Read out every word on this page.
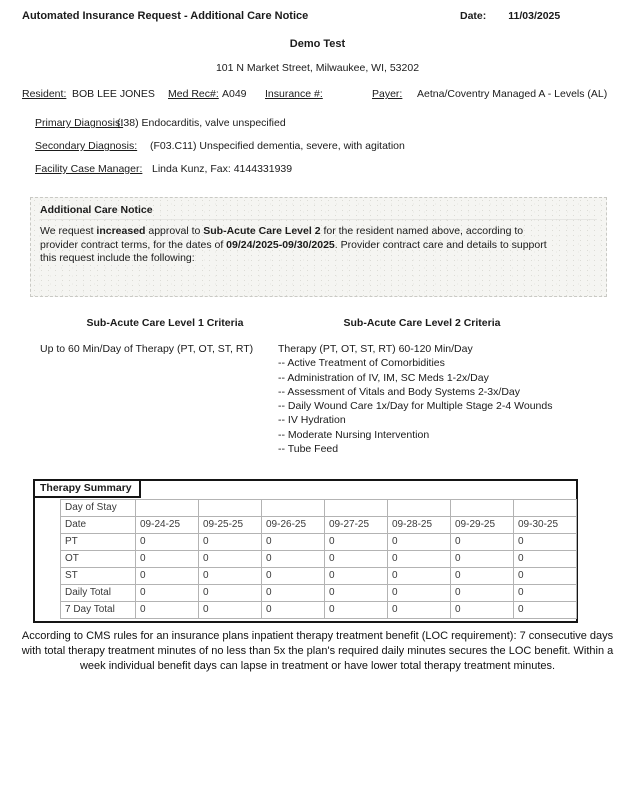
Automated Insurance Request - Additional Care Notice	Date: 11/03/2025
Demo Test
101 N Market Street, Milwaukee, WI, 53202
Resident: BOB LEE JONES Med Rec#: A049 Insurance #:	Payer: Aetna/Coventry Managed A - Levels (AL)
Primary Diagnosis:
(I38) Endocarditis, valve unspecified
Secondary Diagnosis: (F03.C11) Unspecified dementia, severe, with agitation
Facility Case Manager: Linda Kunz, Fax: 4144331939
Additional Care Notice
We request increased approval to Sub-Acute Care Level 2 for the resident named above, according to provider contract terms, for the dates of 09/24/2025-09/30/2025. Provider contract care and details to support this request include the following:
Sub-Acute Care Level 1 Criteria
Up to 60 Min/Day of Therapy (PT, OT, ST, RT)
Sub-Acute Care Level 2 Criteria
Therapy (PT, OT, ST, RT) 60-120 Min/Day
-- Active Treatment of Comorbidities
-- Administration of IV, IM, SC Meds 1-2x/Day
-- Assessment of Vitals and Body Systems 2-3x/Day
-- Daily Wound Care 1x/Day for Multiple Stage 2-4 Wounds
-- IV Hydration
-- Moderate Nursing Intervention
-- Tube Feed
Therapy Summary
Day of Stay							
Date	09-24-25	09-25-25	09-26-25	09-27-25	09-28-25	09-29-25	09-30-25
PT	0	0	0	0	0	0	0
OT	0	0	0	0	0	0	0
ST	0	0	0	0	0	0	0
Daily Total	0	0	0	0	0	0	0
7 Day Total	0	0	0	0	0	0	0
According to CMS rules for an insurance plans inpatient therapy treatment benefit (LOC requirement): 7 consecutive days with total therapy treatment minutes of no less than 5x the plan's required daily minutes secures the LOC benefit. Within a week individual benefit days can lapse in treatment or have lower total therapy treatment minutes.
